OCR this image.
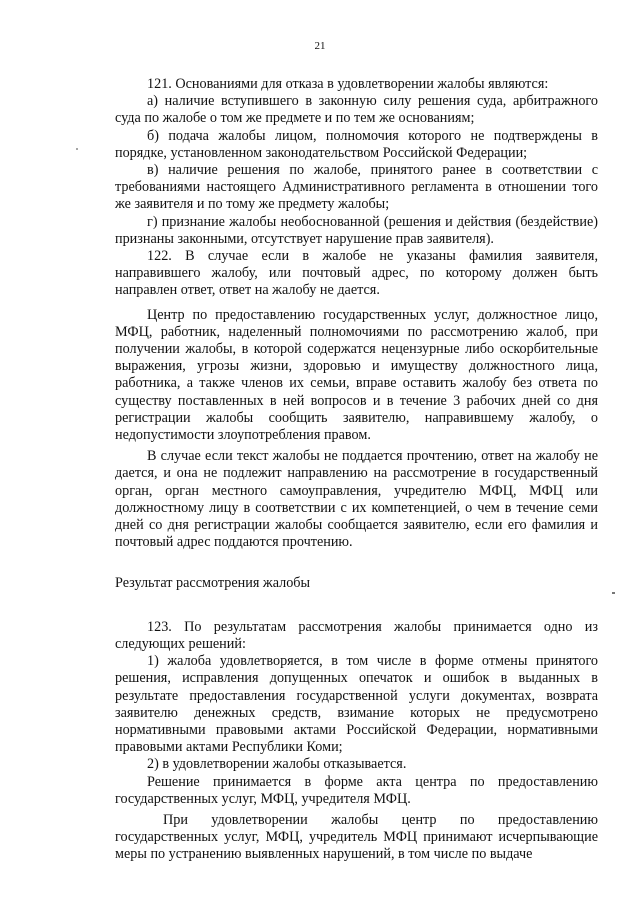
21

121. Основаниями для отказа в удовлетворении жалобы являются:

а) наличие вступившего в законную силу решения суда, арбитражного суда по жалобе о том же предмете и по тем же основаниям;

б) подача жалобы лицом, полномочия которого не подтверждены в порядке, установленном законодательством Российской Федерации;

в) наличие решения по жалобе, принятого ранее в соответствии с требованиями настоящего Административного регламента в отношении того же заявителя и по тому же предмету жалобы;

г) признание жалобы необоснованной (решения и действия (бездействие) признаны законными, отсутствует нарушение прав заявителя).

122. В случае если в жалобе не указаны фамилия заявителя, направившего жалобу, или почтовый адрес, по которому должен быть направлен ответ, ответ на жалобу не дается.

Центр по предоставлению государственных услуг, должностное лицо, МФЦ, работник, наделенный полномочиями по рассмотрению жалоб, при получении жалобы, в которой содержатся нецензурные либо оскорбительные выражения, угрозы жизни, здоровью и имуществу должностного лица, работника, а также членов их семьи, вправе оставить жалобу без ответа по существу поставленных в ней вопросов и в течение 3 рабочих дней со дня регистрации жалобы сообщить заявителю, направившему жалобу, о недопустимости злоупотребления правом.

В случае если текст жалобы не поддается прочтению, ответ на жалобу не дается, и она не подлежит направлению на рассмотрение в государственный орган, орган местного самоуправления, учредителю МФЦ, МФЦ или должностному лицу в соответствии с их компетенцией, о чем в течение семи дней со дня регистрации жалобы сообщается заявителю, если его фамилия и почтовый адрес поддаются прочтению.

Результат рассмотрения жалобы

123. По результатам рассмотрения жалобы принимается одно из следующих решений:

1) жалоба удовлетворяется, в том числе в форме отмены принятого решения, исправления допущенных опечаток и ошибок в выданных в результате предоставления государственной услуги документах, возврата заявителю денежных средств, взимание которых не предусмотрено нормативными правовыми актами Российской Федерации, нормативными правовыми актами Республики Коми;

2) в удовлетворении жалобы отказывается.

Решение принимается в форме акта центра по предоставлению государственных услуг, МФЦ, учредителя МФЦ.

При удовлетворении жалобы центр по предоставлению государственных услуг, МФЦ, учредитель МФЦ принимают исчерпывающие меры по устранению выявленных нарушений, в том числе по выдаче
